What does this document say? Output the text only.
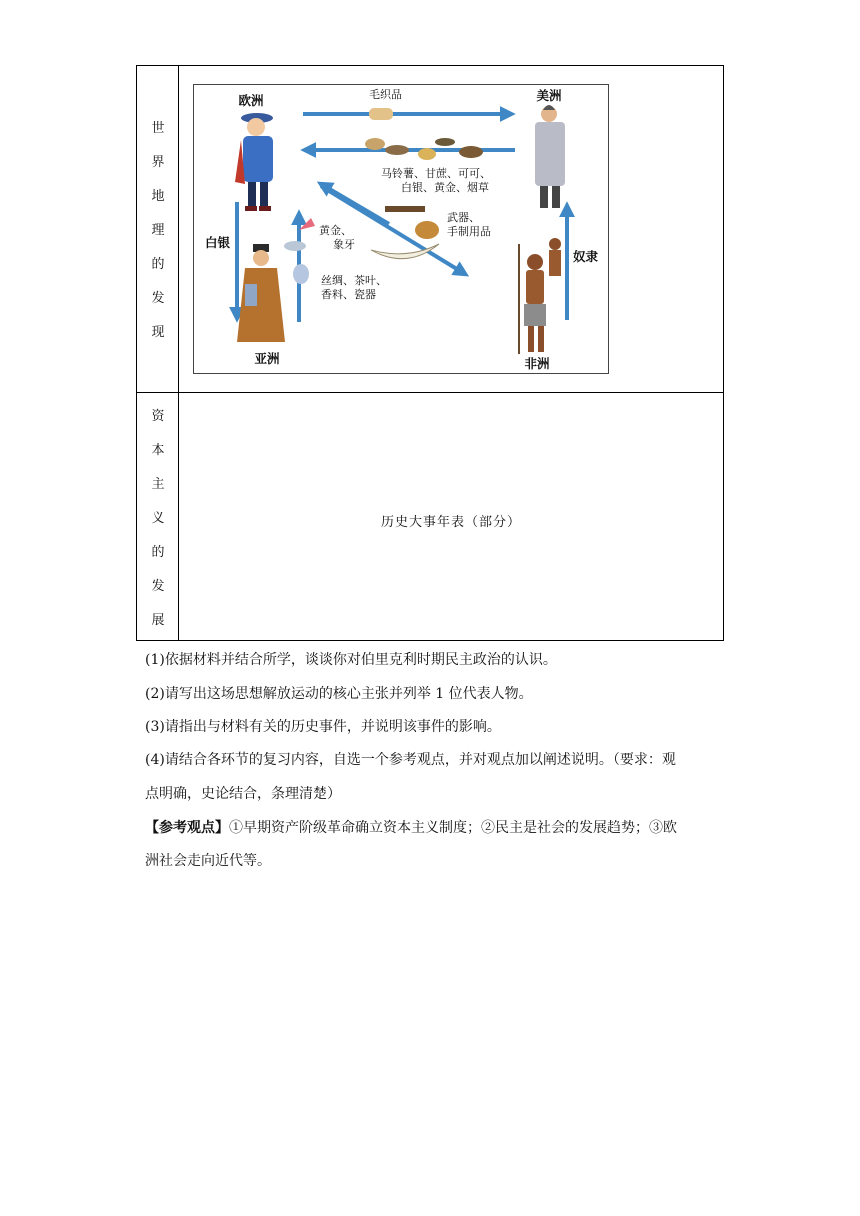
世
界
地
理
的
发
现
欧洲	美洲
亚洲	非洲
毛织品
马铃薯、甘蔗、可可、
白银、黄金、烟草
黄金、
象牙
武器、
手制用品
白银
丝绸、茶叶、
香料、瓷器
奴隶
资
本
主
义
的
发
展
历史大事年表（部分）
(1)依据材料并结合所学，谈谈你对伯里克利时期民主政治的认识。
(2)请写出这场思想解放运动的核心主张并列举 1 位代表人物。
(3)请指出与材料有关的历史事件，并说明该事件的影响。
(4)请结合各环节的复习内容，自选一个参考观点，并对观点加以阐述说明。（要求：观
点明确，史论结合，条理清楚）
【参考观点】①早期资产阶级革命确立资本主义制度；②民主是社会的发展趋势；③欧
洲社会走向近代等。
